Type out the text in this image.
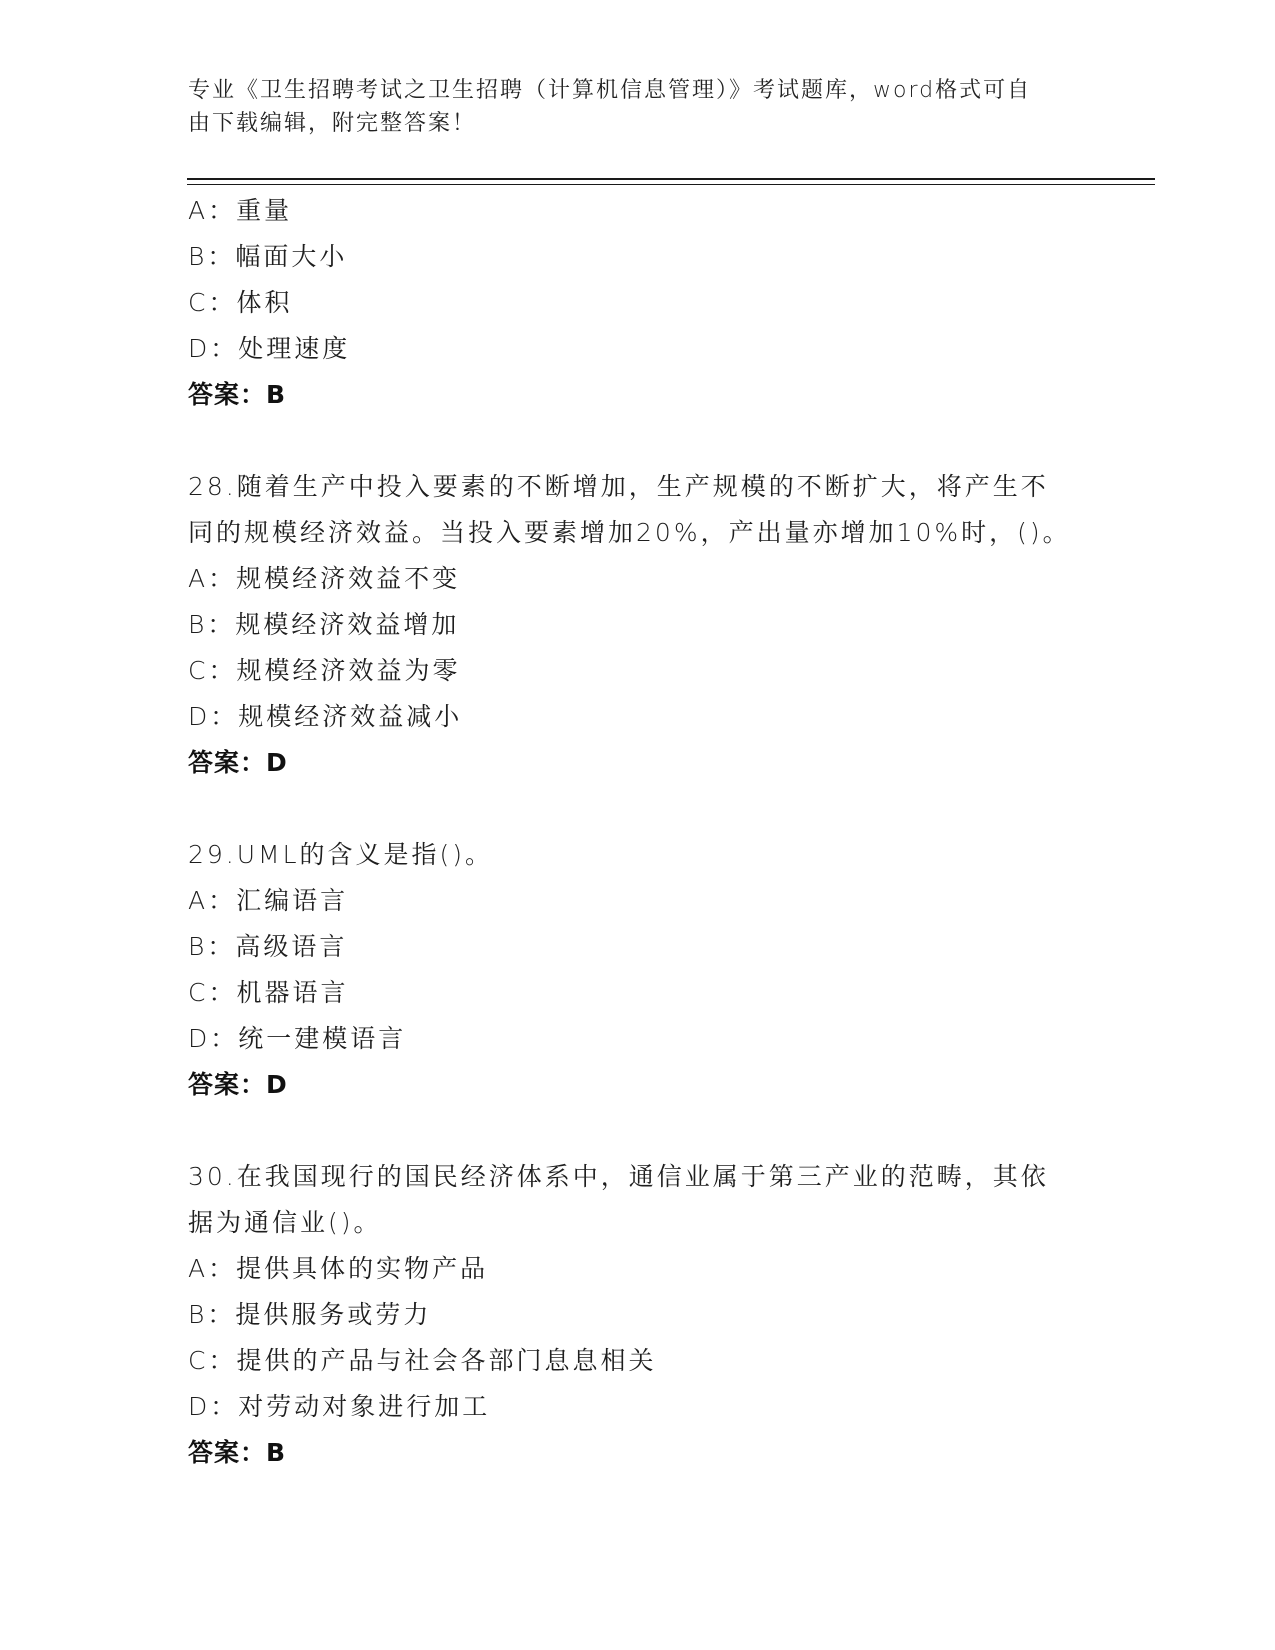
专业《卫生招聘考试之卫生招聘（计算机信息管理）》考试题库，word格式可自
由下载编辑，附完整答案！
A：重量
B：幅面大小
C：体积
D：处理速度
答案：B
28.随着生产中投入要素的不断增加，生产规模的不断扩大，将产生不
同的规模经济效益。当投入要素增加20%，产出量亦增加10%时，()。
A：规模经济效益不变
B：规模经济效益增加
C：规模经济效益为零
D：规模经济效益减小
答案：D
29.UML的含义是指()。
A：汇编语言
B：高级语言
C：机器语言
D：统一建模语言
答案：D
30.在我国现行的国民经济体系中，通信业属于第三产业的范畴，其依
据为通信业()。
A：提供具体的实物产品
B：提供服务或劳力
C：提供的产品与社会各部门息息相关
D：对劳动对象进行加工
答案：B
